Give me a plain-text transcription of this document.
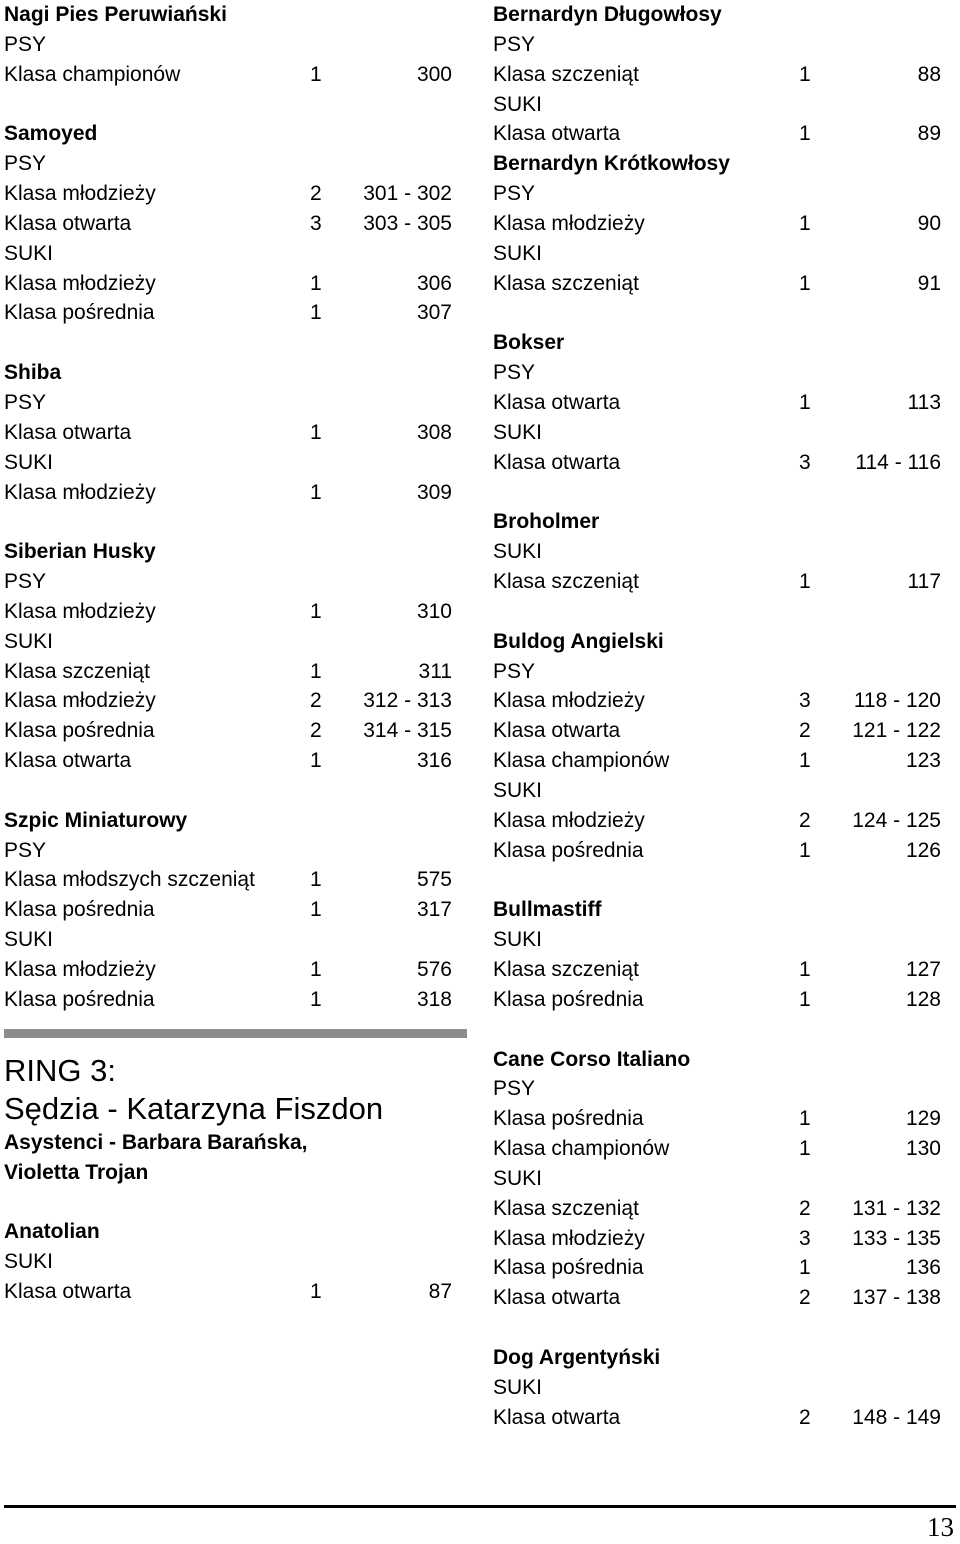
Nagi Pies Peruwiański
PSY
Klasa championów	1	300
Samoyed
PSY
Klasa młodzieży	2 301 - 302
Klasa otwarta	3 303 - 305
SUKI
Klasa młodzieży	1	306
Klasa pośrednia	1	307
Shiba
PSY
Klasa otwarta	1	308
SUKI
Klasa młodzieży	1	309
Siberian Husky
PSY
Klasa młodzieży	1	310
SUKI
Klasa szczeniąt	1	311
Klasa młodzieży	2 312 - 313
Klasa pośrednia	2 314 - 315
Klasa otwarta	1	316
Szpic Miniaturowy
PSY
Klasa młodszych szczeniąt	1	575
Klasa pośrednia	1	317
SUKI
Klasa młodzieży	1	576
Klasa pośrednia	1	318
RING 3:
Sędzia - Katarzyna Fiszdon
Asystenci - Barbara Barańska,
Violetta Trojan
Anatolian
SUKI
Klasa otwarta	1	87
Bernardyn Długowłosy
PSY
Klasa szczeniąt	1	88
SUKI
Klasa otwarta	1	89
Bernardyn Krótkowłosy
PSY
Klasa młodzieży	1	90
SUKI
Klasa szczeniąt	1	91
Bokser
PSY
Klasa otwarta	1	113
SUKI
Klasa otwarta	3 114 - 116
Broholmer
SUKI
Klasa szczeniąt	1	117
Buldog Angielski
PSY
Klasa młodzieży	3 118 - 120
Klasa otwarta	2 121 - 122
Klasa championów	1	123
SUKI
Klasa młodzieży	2 124 - 125
Klasa pośrednia	1	126
Bullmastiff
SUKI
Klasa szczeniąt	1	127
Klasa pośrednia	1	128
Cane Corso Italiano
PSY
Klasa pośrednia	1	129
Klasa championów	1	130
SUKI
Klasa szczeniąt	2 131 - 132
Klasa młodzieży	3 133 - 135
Klasa pośrednia	1	136
Klasa otwarta	2 137 - 138
Dog Argentyński
SUKI
Klasa otwarta	2 148 - 149
13
